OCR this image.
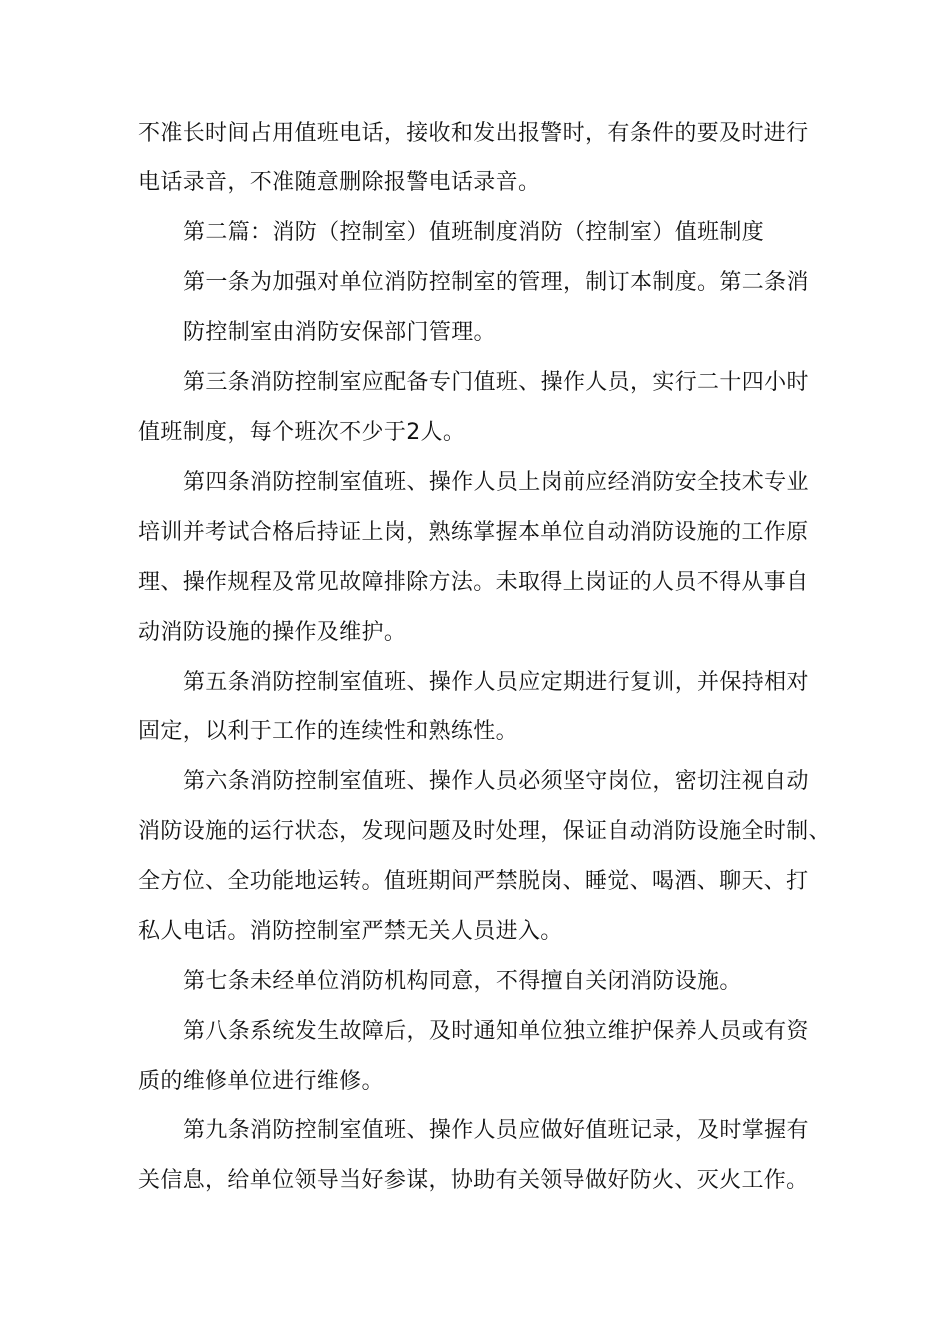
不准长时间占用值班电话，接收和发出报警时，有条件的要及时进行
电话录音，不准随意删除报警电话录音。
第二篇：消防（控制室）值班制度消防（控制室）值班制度
第一条为加强对单位消防控制室的管理，制订本制度。第二条消
防控制室由消防安保部门管理。
第三条消防控制室应配备专门值班、操作人员，实行二十四小时
值班制度，每个班次不少于2人。
第四条消防控制室值班、操作人员上岗前应经消防安全技术专业
培训并考试合格后持证上岗，熟练掌握本单位自动消防设施的工作原
理、操作规程及常见故障排除方法。未取得上岗证的人员不得从事自
动消防设施的操作及维护。
第五条消防控制室值班、操作人员应定期进行复训，并保持相对
固定，以利于工作的连续性和熟练性。
第六条消防控制室值班、操作人员必须坚守岗位，密切注视自动
消防设施的运行状态，发现问题及时处理，保证自动消防设施全时制、
全方位、全功能地运转。值班期间严禁脱岗、睡觉、喝酒、聊天、打
私人电话。消防控制室严禁无关人员进入。
第七条未经单位消防机构同意，不得擅自关闭消防设施。
第八条系统发生故障后，及时通知单位独立维护保养人员或有资
质的维修单位进行维修。
第九条消防控制室值班、操作人员应做好值班记录，及时掌握有
关信息，给单位领导当好参谋，协助有关领导做好防火、灭火工作。
